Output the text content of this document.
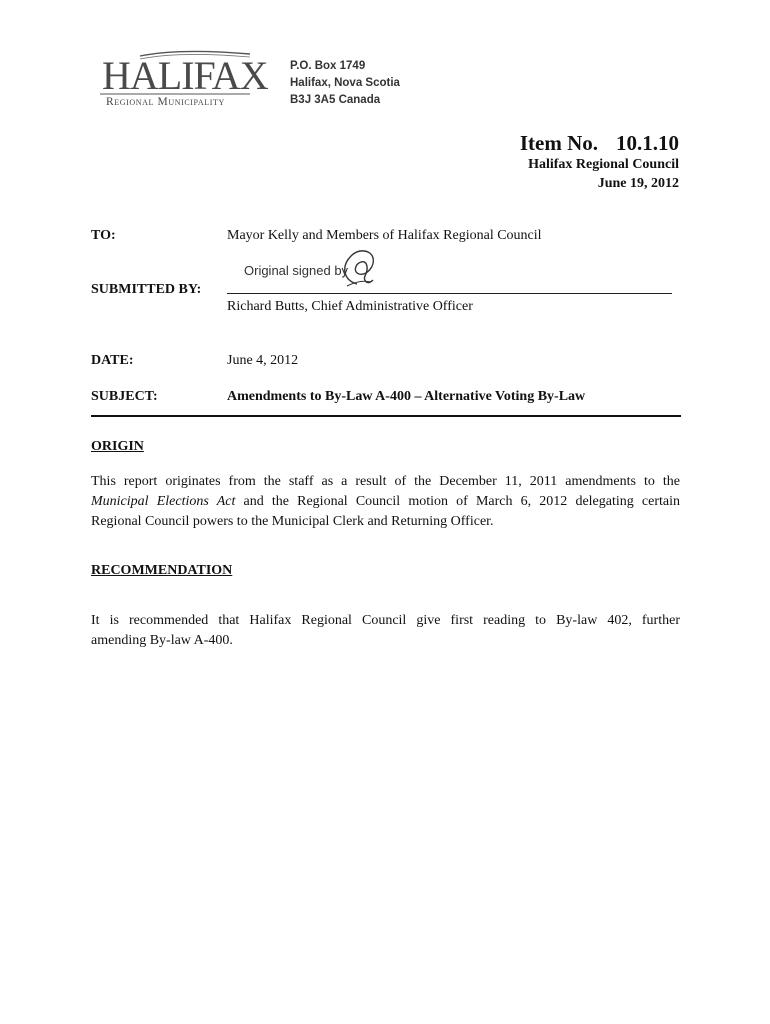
HALIFAX
Regional Municipality
P.O. Box 1749
Halifax, Nova Scotia
B3J 3A5 Canada
Item No. 10.1.10
Halifax Regional Council
June 19, 2012
TO:	Mayor Kelly and Members of Halifax Regional Council
Original signed by
SUBMITTED BY:
Richard Butts, Chief Administrative Officer
DATE:	June 4, 2012
SUBJECT:	Amendments to By-Law A-400 – Alternative Voting By-Law
ORIGIN
This report originates from the staff as a result of the December 11, 2011 amendments to the
Municipal Elections Act and the Regional Council motion of March 6, 2012 delegating certain
Regional Council powers to the Municipal Clerk and Returning Officer.
RECOMMENDATION
It is recommended that Halifax Regional Council give first reading to By-law 402, further
amending By-law A-400.
